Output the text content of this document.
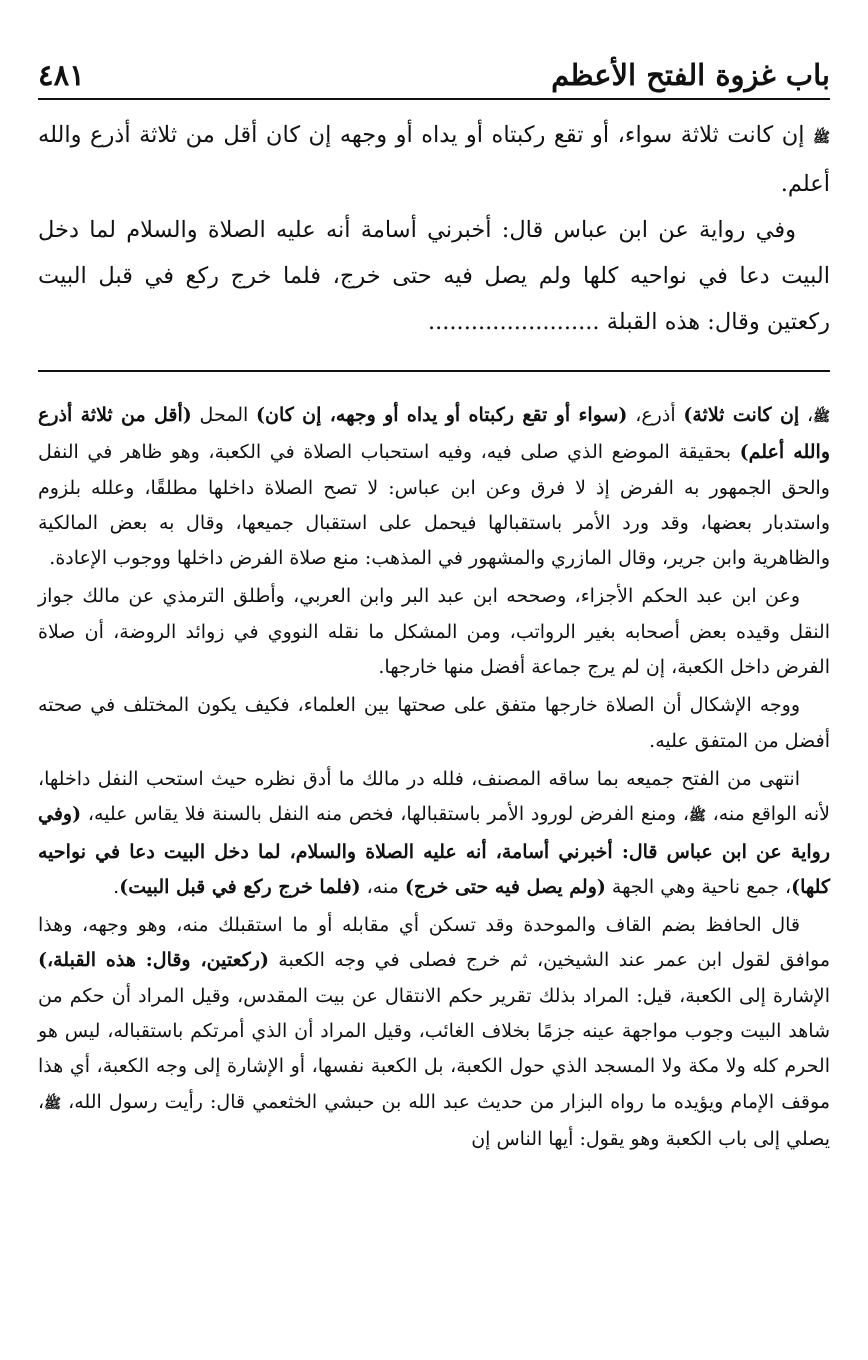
باب غزوة الفتح الأعظم
٤٨١

ﷺ إن كانت ثلاثة سواء، أو تقع ركبتاه أو يداه أو وجهه إن كان أقل من ثلاثة أذرع والله أعلم.

وفي رواية عن ابن عباس قال: أخبرني أسامة أنه عليه الصلاة والسلام لما دخل البيت دعا في نواحيه كلها ولم يصل فيه حتى خرج، فلما خرج ركع في قبل البيت ركعتين وقال: هذه القبلة ........................

ﷺ، إن كانت ثلاثة) أذرع، (سواء أو تقع ركبتاه أو يداه أو وجهه، إن كان) المحل (أقل من ثلاثة أذرع والله أعلم) بحقيقة الموضع الذي صلى فيه، وفيه استحباب الصلاة في الكعبة، وهو ظاهر في النفل والحق الجمهور به الفرض إذ لا فرق وعن ابن عباس: لا تصح الصلاة داخلها مطلقًا، وعلله بلزوم واستدبار بعضها، وقد ورد الأمر باستقبالها فيحمل على استقبال جميعها، وقال به بعض المالكية والظاهرية وابن جرير، وقال المازري والمشهور في المذهب: منع صلاة الفرض داخلها ووجوب الإعادة.

وعن ابن عبد الحكم الأجزاء، وصححه ابن عبد البر وابن العربي، وأطلق الترمذي عن مالك جواز النقل وقيده بعض أصحابه بغير الرواتب، ومن المشكل ما نقله النووي في زوائد الروضة، أن صلاة الفرض داخل الكعبة، إن لم يرج جماعة أفضل منها خارجها.

ووجه الإشكال أن الصلاة خارجها متفق على صحتها بين العلماء، فكيف يكون المختلف في صحته أفضل من المتفق عليه.

انتهى من الفتح جميعه بما ساقه المصنف، فلله در مالك ما أدق نظره حيث استحب النفل داخلها، لأنه الواقع منه، ﷺ، ومنع الفرض لورود الأمر باستقبالها، فخص منه النفل بالسنة فلا يقاس عليه، (وفي رواية عن ابن عباس قال: أخبرني أسامة، أنه عليه الصلاة والسلام، لما دخل البيت دعا في نواحيه كلها)، جمع ناحية وهي الجهة (ولم يصل فيه حتى خرج) منه، (فلما خرج ركع في قبل البيت).

قال الحافظ بضم القاف والموحدة وقد تسكن أي مقابله أو ما استقبلك منه، وهو وجهه، وهذا موافق لقول ابن عمر عند الشيخين، ثم خرج فصلى في وجه الكعبة (ركعتين، وقال: هذه القبلة،) الإشارة إلى الكعبة، قيل: المراد بذلك تقرير حكم الانتقال عن بيت المقدس، وقيل المراد أن حكم من شاهد البيت وجوب مواجهة عينه جزمًا بخلاف الغائب، وقيل المراد أن الذي أمرتكم باستقباله، ليس هو الحرم كله ولا مكة ولا المسجد الذي حول الكعبة، بل الكعبة نفسها، أو الإشارة إلى وجه الكعبة، أي هذا موقف الإمام ويؤيده ما رواه البزار من حديث عبد الله بن حبشي الخثعمي قال: رأيت رسول الله، ﷺ، يصلي إلى باب الكعبة وهو يقول: أيها الناس إن
